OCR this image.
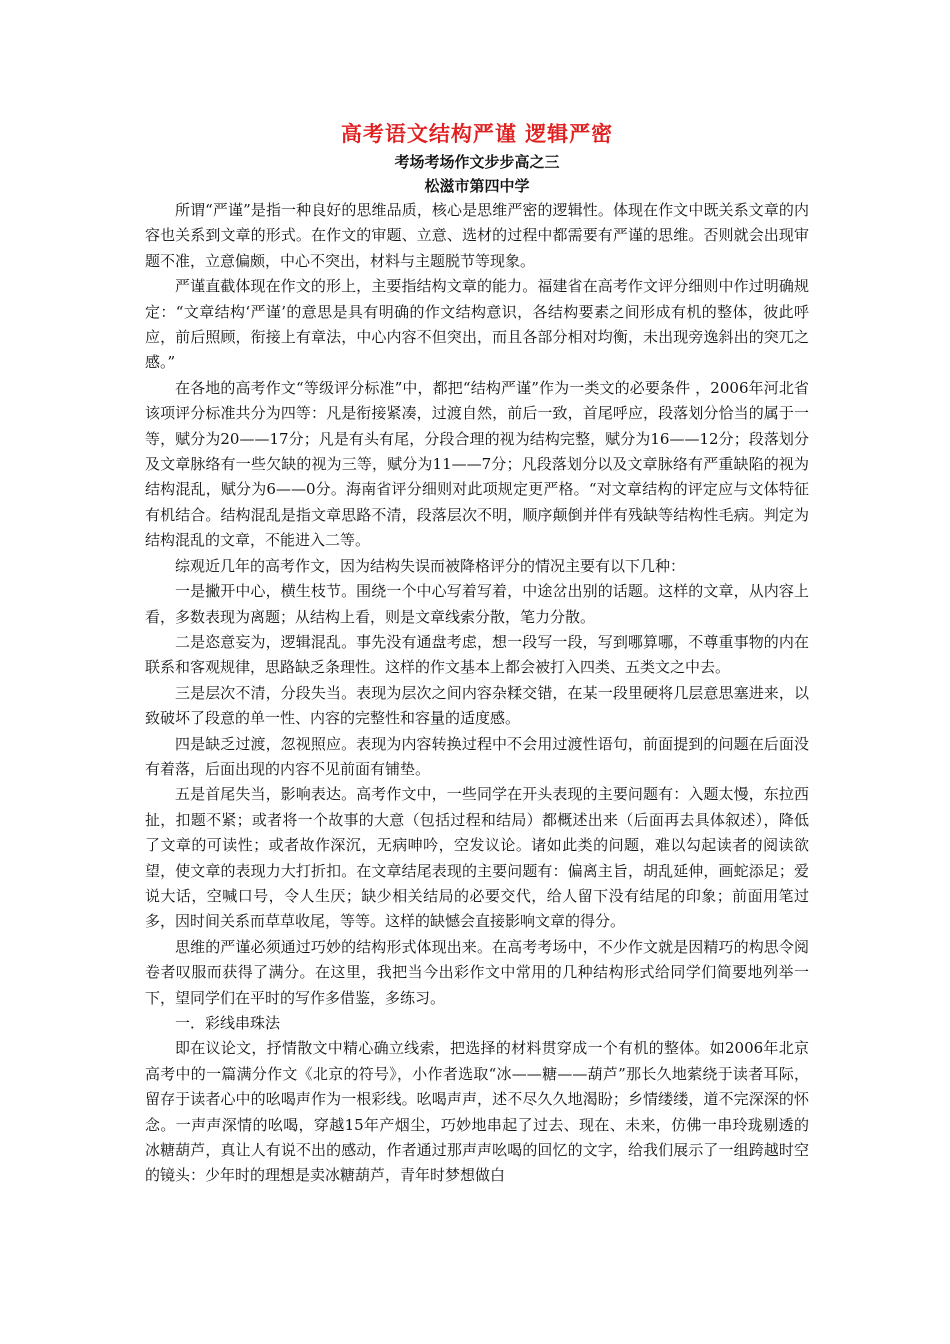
高考语文结构严谨 逻辑严密
考场考场作文步步高之三
松滋市第四中学

所谓“严谨”是指一种良好的思维品质，核心是思维严密的逻辑性。体现在作文中既关系文章的内容也关系到文章的形式。在作文的审题、立意、选材的过程中都需要有严谨的思维。否则就会出现审题不准，立意偏颇，中心不突出，材料与主题脱节等现象。

严谨直截体现在作文的形上，主要指结构文章的能力。福建省在高考作文评分细则中作过明确规定：“文章结构‘严谨’的意思是具有明确的作文结构意识，各结构要素之间形成有机的整体，彼此呼应，前后照顾，衔接上有章法，中心内容不但突出，而且各部分相对均衡，未出现旁逸斜出的突兀之感。”

在各地的高考作文“等级评分标准”中，都把“结构严谨”作为一类文的必要条件 ，2006年河北省该项评分标准共分为四等：凡是衔接紧凑，过渡自然，前后一致，首尾呼应，段落划分恰当的属于一等，赋分为20——17分；凡是有头有尾，分段合理的视为结构完整，赋分为16——12分；段落划分及文章脉络有一些欠缺的视为三等，赋分为11——7分；凡段落划分以及文章脉络有严重缺陷的视为结构混乱，赋分为6——0分。海南省评分细则对此项规定更严格。“对文章结构的评定应与文体特征有机结合。结构混乱是指文章思路不清，段落层次不明，顺序颠倒并伴有残缺等结构性毛病。判定为结构混乱的文章，不能进入二等。

综观近几年的高考作文，因为结构失误而被降格评分的情况主要有以下几种：

一是撇开中心，横生枝节。围绕一个中心写着写着，中途岔出别的话题。这样的文章，从内容上看，多数表现为离题；从结构上看，则是文章线索分散，笔力分散。

二是恣意妄为，逻辑混乱。事先没有通盘考虑，想一段写一段，写到哪算哪，不尊重事物的内在联系和客观规律，思路缺乏条理性。这样的作文基本上都会被打入四类、五类文之中去。

三是层次不清，分段失当。表现为层次之间内容杂糅交错，在某一段里硬将几层意思塞进来，以致破坏了段意的单一性、内容的完整性和容量的适度感。

四是缺乏过渡，忽视照应。表现为内容转换过程中不会用过渡性语句，前面提到的问题在后面没有着落，后面出现的内容不见前面有铺垫。

五是首尾失当，影响表达。高考作文中，一些同学在开头表现的主要问题有：入题太慢，东拉西扯，扣题不紧；或者将一个故事的大意（包括过程和结局）都概述出来（后面再去具体叙述），降低了文章的可读性；或者故作深沉，无病呻吟，空发议论。诸如此类的问题，难以勾起读者的阅读欲望，使文章的表现力大打折扣。在文章结尾表现的主要问题有：偏离主旨，胡乱延伸，画蛇添足；爱说大话，空喊口号，令人生厌；缺少相关结局的必要交代，给人留下没有结尾的印象；前面用笔过多，因时间关系而草草收尾，等等。这样的缺憾会直接影响文章的得分。

思维的严谨必须通过巧妙的结构形式体现出来。在高考考场中，不少作文就是因精巧的构思令阅卷者叹服而获得了满分。在这里，我把当今出彩作文中常用的几种结构形式给同学们简要地列举一下，望同学们在平时的写作多借鉴，多练习。

一．彩线串珠法

即在议论文，抒情散文中精心确立线索，把选择的材料贯穿成一个有机的整体。如2006年北京高考中的一篇满分作文《北京的符号》，小作者选取“冰——糖——葫芦”那长久地萦绕于读者耳际，留存于读者心中的吆喝声作为一根彩线。吆喝声声，述不尽久久地渴盼；乡情缕缕，道不完深深的怀念。一声声深情的吆喝，穿越15年产烟尘，巧妙地串起了过去、现在、未来，仿佛一串玲珑剔透的冰糖葫芦，真让人有说不出的感动，作者通过那声声吆喝的回忆的文字，给我们展示了一组跨越时空的镜头：少年时的理想是卖冰糖葫芦，青年时梦想做白
